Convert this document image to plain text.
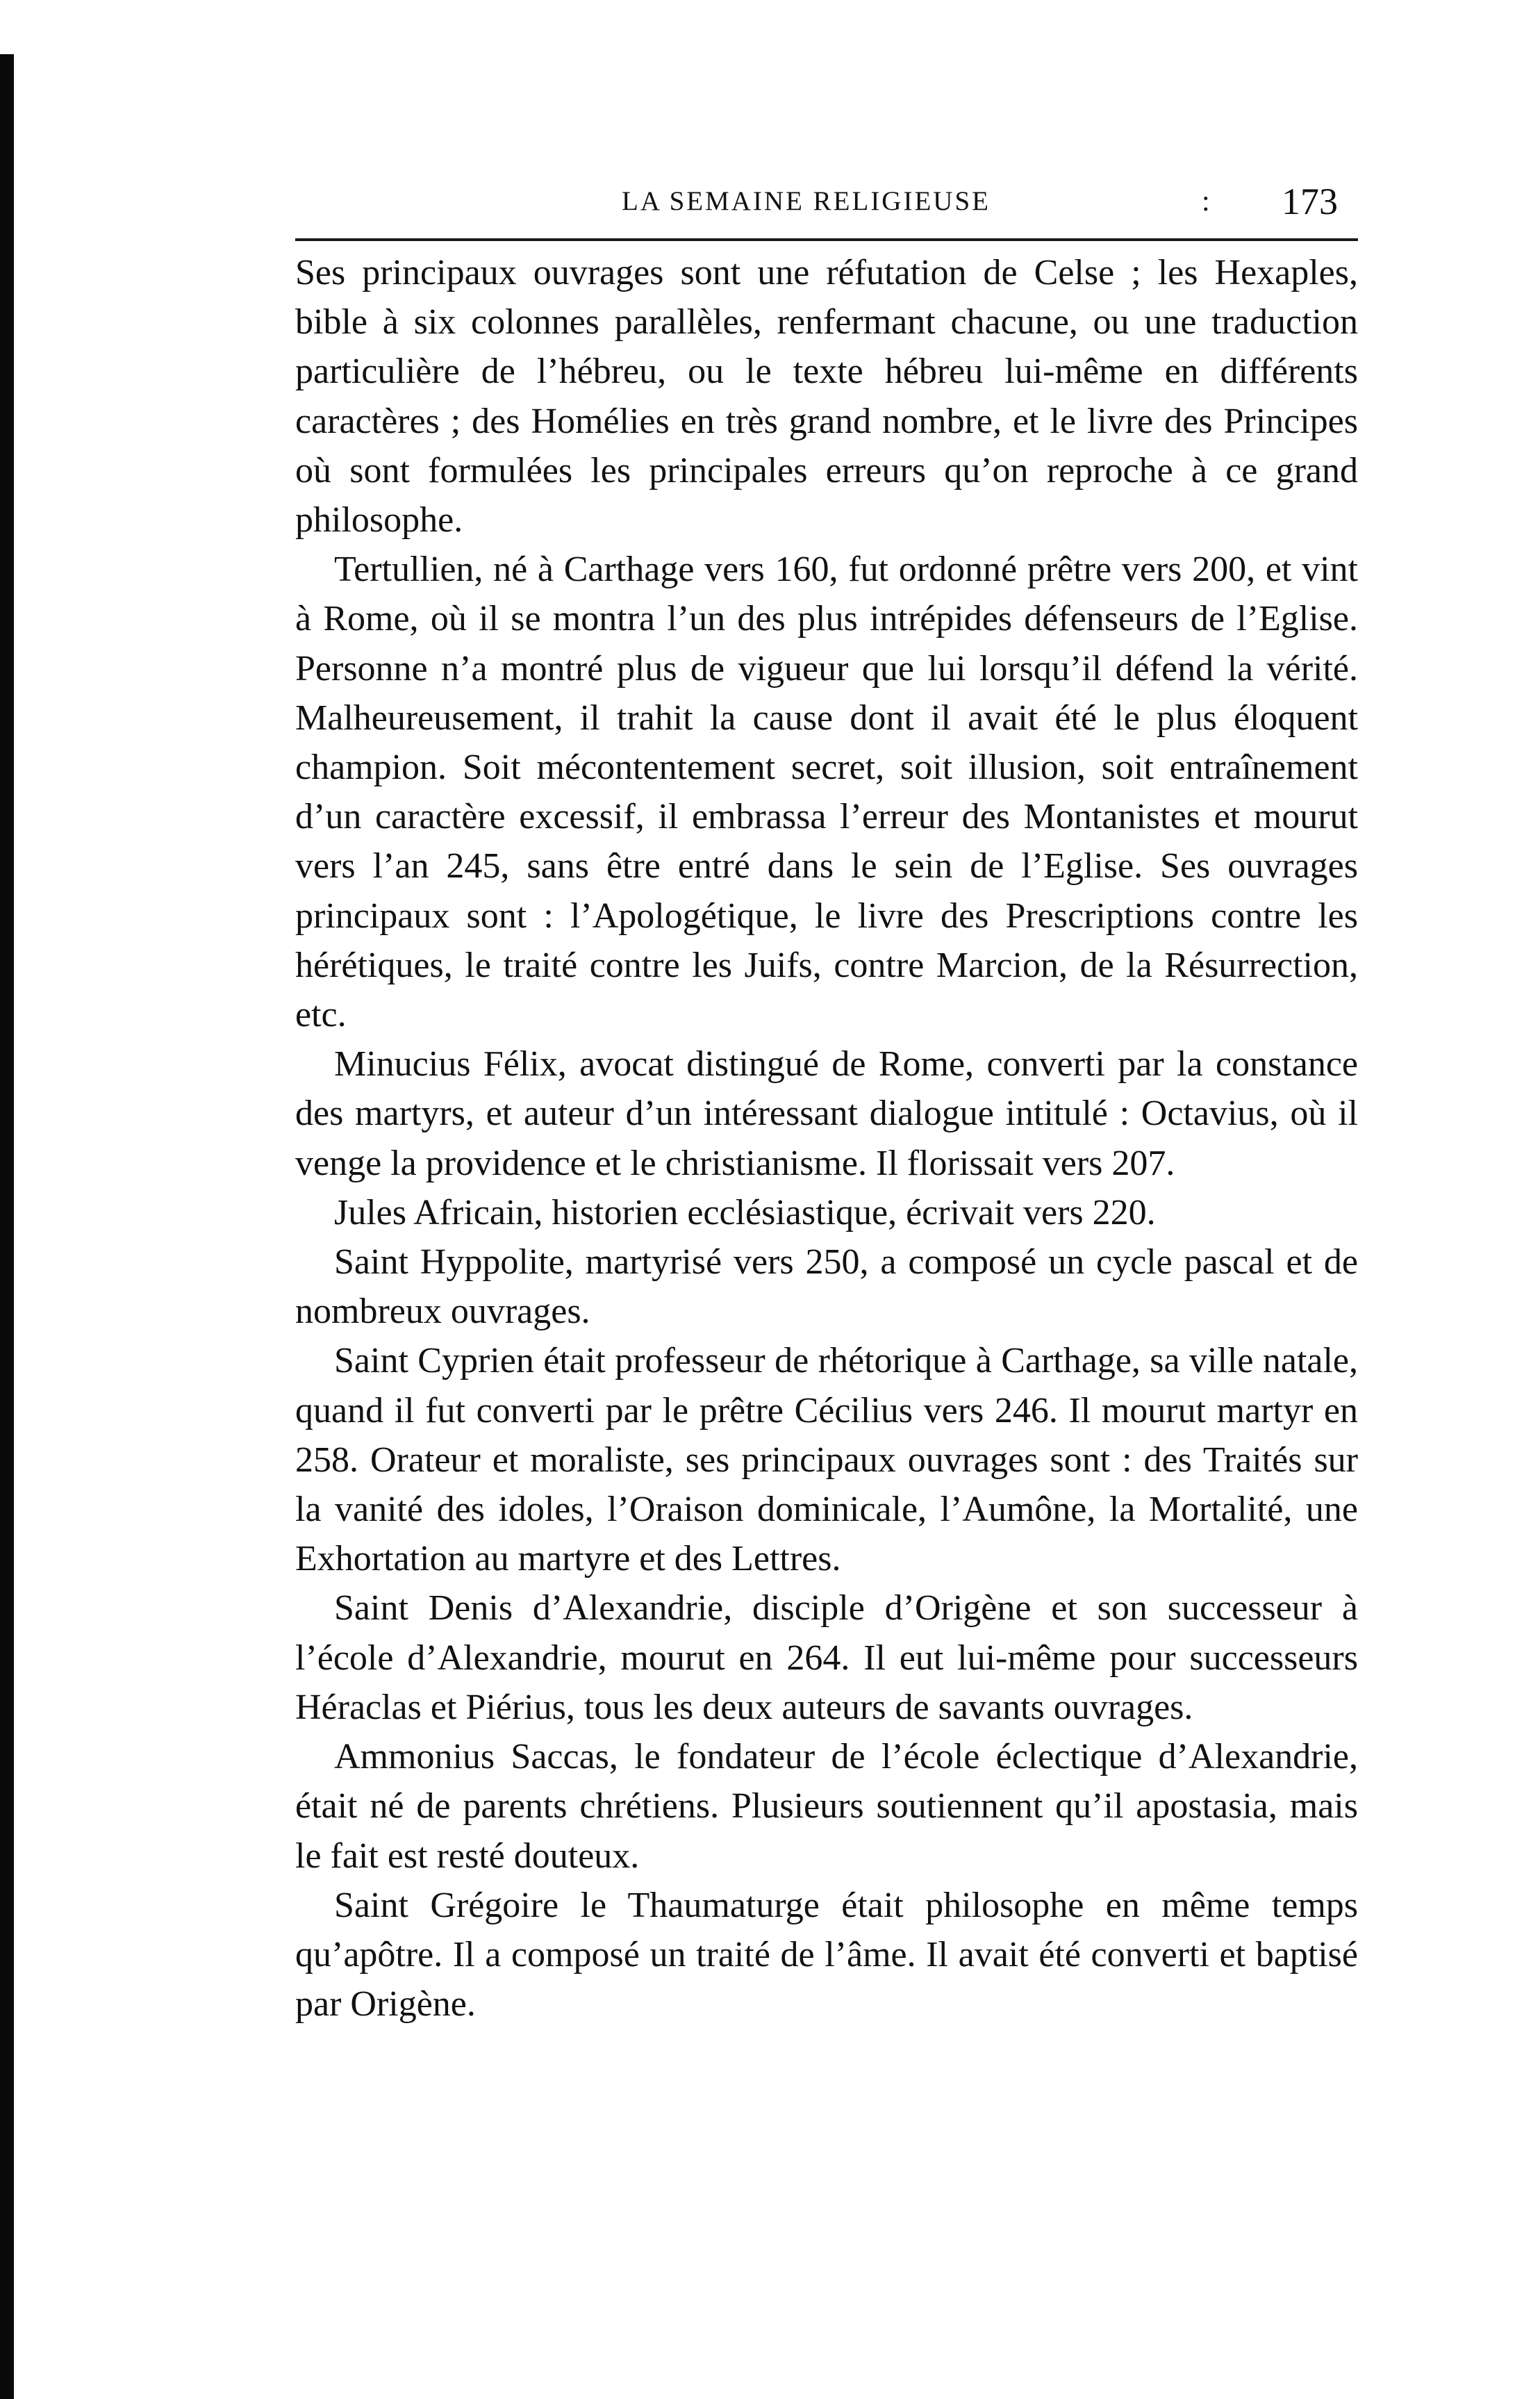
LA SEMAINE RELIGIEUSE	: 173

Ses principaux ouvrages sont une réfutation de Celse ; les Hexaples, bible à six colonnes parallèles, renfermant chacune, ou une traduction particulière de l’hébreu, ou le texte hébreu lui-même en différents caractères ; des Homélies en très grand nombre, et le livre des Principes où sont formulées les principales erreurs qu’on reproche à ce grand philosophe.

Tertullien, né à Carthage vers 160, fut ordonné prêtre vers 200, et vint à Rome, où il se montra l’un des plus intrépides défenseurs de l’Eglise. Personne n’a montré plus de vigueur que lui lorsqu’il défend la vérité. Malheureusement, il trahit la cause dont il avait été le plus éloquent champion. Soit mécontentement secret, soit illusion, soit entraînement d’un caractère excessif, il embrassa l’erreur des Montanistes et mourut vers l’an 245, sans être entré dans le sein de l’Eglise. Ses ouvrages principaux sont : l’Apologétique, le livre des Prescriptions contre les hérétiques, le traité contre les Juifs, contre Marcion, de la Résurrection, etc.

Minucius Félix, avocat distingué de Rome, converti par la constance des martyrs, et auteur d’un intéressant dialogue intitulé : Octavius, où il venge la providence et le christianisme. Il florissait vers 207.

Jules Africain, historien ecclésiastique, écrivait vers 220.

Saint Hyppolite, martyrisé vers 250, a composé un cycle pascal et de nombreux ouvrages.

Saint Cyprien était professeur de rhétorique à Carthage, sa ville natale, quand il fut converti par le prêtre Cécilius vers 246. Il mourut martyr en 258. Orateur et moraliste, ses principaux ouvrages sont : des Traités sur la vanité des idoles, l’Oraison dominicale, l’Aumône, la Mortalité, une Exhortation au martyre et des Lettres.

Saint Denis d’Alexandrie, disciple d’Origène et son successeur à l’école d’Alexandrie, mourut en 264. Il eut lui-même pour successeurs Héraclas et Piérius, tous les deux auteurs de savants ouvrages.

Ammonius Saccas, le fondateur de l’école éclectique d’Alexandrie, était né de parents chrétiens. Plusieurs soutiennent qu’il apostasia, mais le fait est resté douteux.

Saint Grégoire le Thaumaturge était philosophe en même temps qu’apôtre. Il a composé un traité de l’âme. Il avait été converti et baptisé par Origène.
